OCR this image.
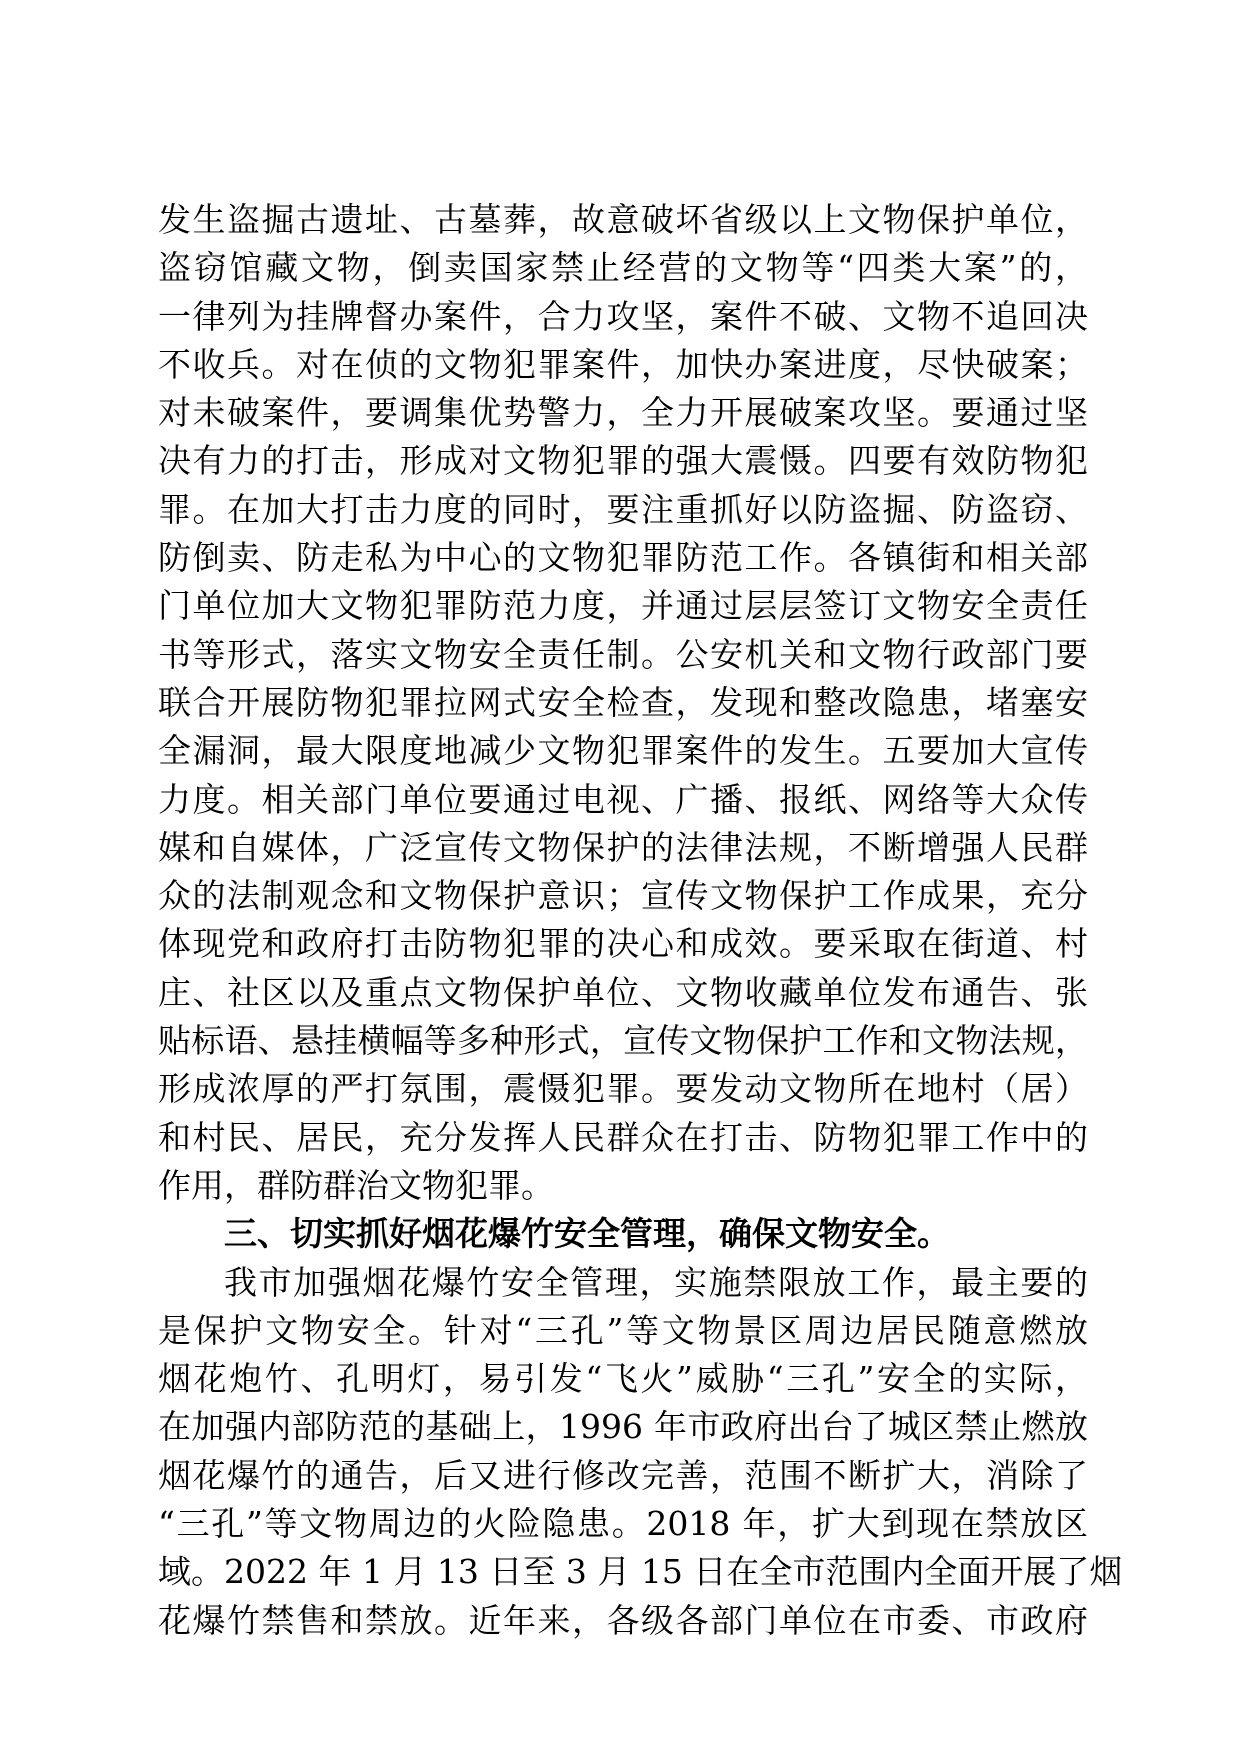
发生盗掘古遗址、古墓葬，故意破坏省级以上文物保护单位，
盗窃馆藏文物，倒卖国家禁止经营的文物等“四类大案”的，
一律列为挂牌督办案件，合力攻坚，案件不破、文物不追回决
不收兵。对在侦的文物犯罪案件，加快办案进度，尽快破案；
对未破案件，要调集优势警力，全力开展破案攻坚。要通过坚
决有力的打击，形成对文物犯罪的强大震慑。四要有效防物犯
罪。在加大打击力度的同时，要注重抓好以防盗掘、防盗窃、
防倒卖、防走私为中心的文物犯罪防范工作。各镇街和相关部
门单位加大文物犯罪防范力度，并通过层层签订文物安全责任
书等形式，落实文物安全责任制。公安机关和文物行政部门要
联合开展防物犯罪拉网式安全检查，发现和整改隐患，堵塞安
全漏洞，最大限度地减少文物犯罪案件的发生。五要加大宣传
力度。相关部门单位要通过电视、广播、报纸、网络等大众传
媒和自媒体，广泛宣传文物保护的法律法规，不断增强人民群
众的法制观念和文物保护意识；宣传文物保护工作成果，充分
体现党和政府打击防物犯罪的决心和成效。要采取在街道、村
庄、社区以及重点文物保护单位、文物收藏单位发布通告、张
贴标语、悬挂横幅等多种形式，宣传文物保护工作和文物法规，
形成浓厚的严打氛围，震慑犯罪。要发动文物所在地村（居）
和村民、居民，充分发挥人民群众在打击、防物犯罪工作中的
作用，群防群治文物犯罪。
三、切实抓好烟花爆竹安全管理，确保文物安全。
我市加强烟花爆竹安全管理，实施禁限放工作，最主要的
是保护文物安全。针对“三孔”等文物景区周边居民随意燃放
烟花炮竹、孔明灯，易引发“飞火”威胁“三孔”安全的实际，
在加强内部防范的基础上，1996 年市政府出台了城区禁止燃放
烟花爆竹的通告，后又进行修改完善，范围不断扩大，消除了
“三孔”等文物周边的火险隐患。2018 年，扩大到现在禁放区
域。2022 年 1 月 13 日至 3 月 15 日在全市范围内全面开展了烟
花爆竹禁售和禁放。近年来，各级各部门单位在市委、市政府
